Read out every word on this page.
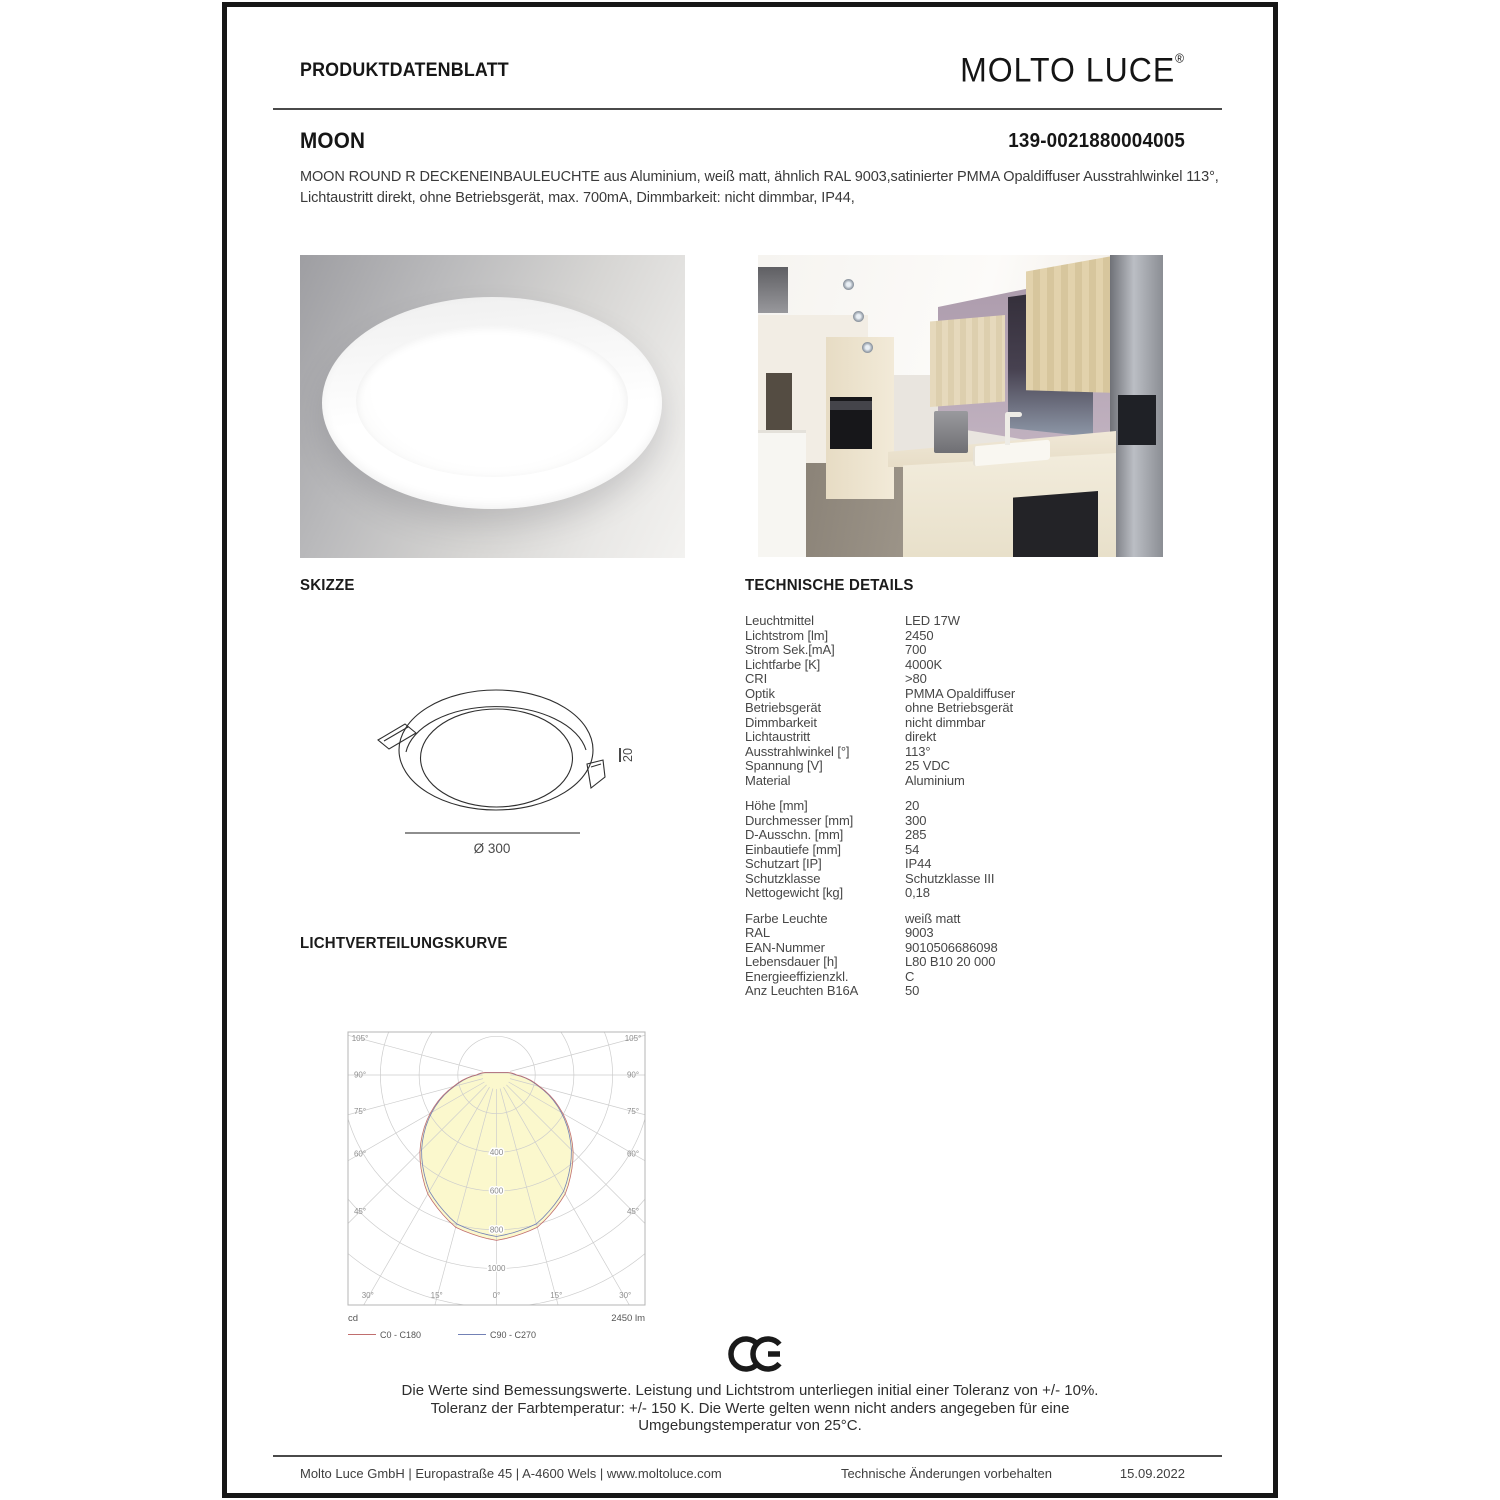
PRODUKTDATENBLATT	MOLTO LUCE®
MOON	139-0021880004005
MOON ROUND R DECKENEINBAULEUCHTE aus Aluminium, weiß matt, ähnlich RAL 9003,satinierter PMMA Opaldiffuser Ausstrahlwinkel 113°,
Lichtaustritt direkt, ohne Betriebsgerät, max. 700mA, Dimmbarkeit: nicht dimmbar, IP44,
SKIZZE	TECHNISCHE DETAILS
Leuchtmittel	LED 17W
Lichtstrom [lm]	2450
Strom Sek.[mA]	700
Lichtfarbe [K]	4000K
CRI	>80
Optik	PMMA Opaldiffuser
Betriebsgerät	ohne Betriebsgerät
Dimmbarkeit	nicht dimmbar
Lichtaustritt	direkt
Ausstrahlwinkel [°]	113°
Spannung [V]	25 VDC
Material	Aluminium
Höhe [mm]	20
Durchmesser [mm]	300
D-Ausschn. [mm]	285
Einbautiefe [mm]	54
Schutzart [IP]	IP44
Schutzklasse	Schutzklasse III
Nettogewicht [kg]	0,18
Farbe Leuchte	weiß matt
RAL	9003
EAN-Nummer	9010506686098
Lebensdauer [h]	L80 B10 20 000
Energieeffizienzkl.	C
Anz Leuchten B16A	50
20
Ø 300
LICHTVERTEILUNGSKURVE
400
600
800
1000
105°	105°
90°	90°
75°	75°
60°	60°
45°	45°
30°	15°	0°	15°	30°
cd	2450 lm
C0 - C180	C90 - C270
Die Werte sind Bemessungswerte. Leistung und Lichtstrom unterliegen initial einer Toleranz von +/- 10%.
Toleranz der Farbtemperatur: +/- 150 K. Die Werte gelten wenn nicht anders angegeben für eine
Umgebungstemperatur von 25°C.
Molto Luce GmbH | Europastraße 45 | A-4600 Wels | www.moltoluce.com	Technische Änderungen vorbehalten	15.09.2022
